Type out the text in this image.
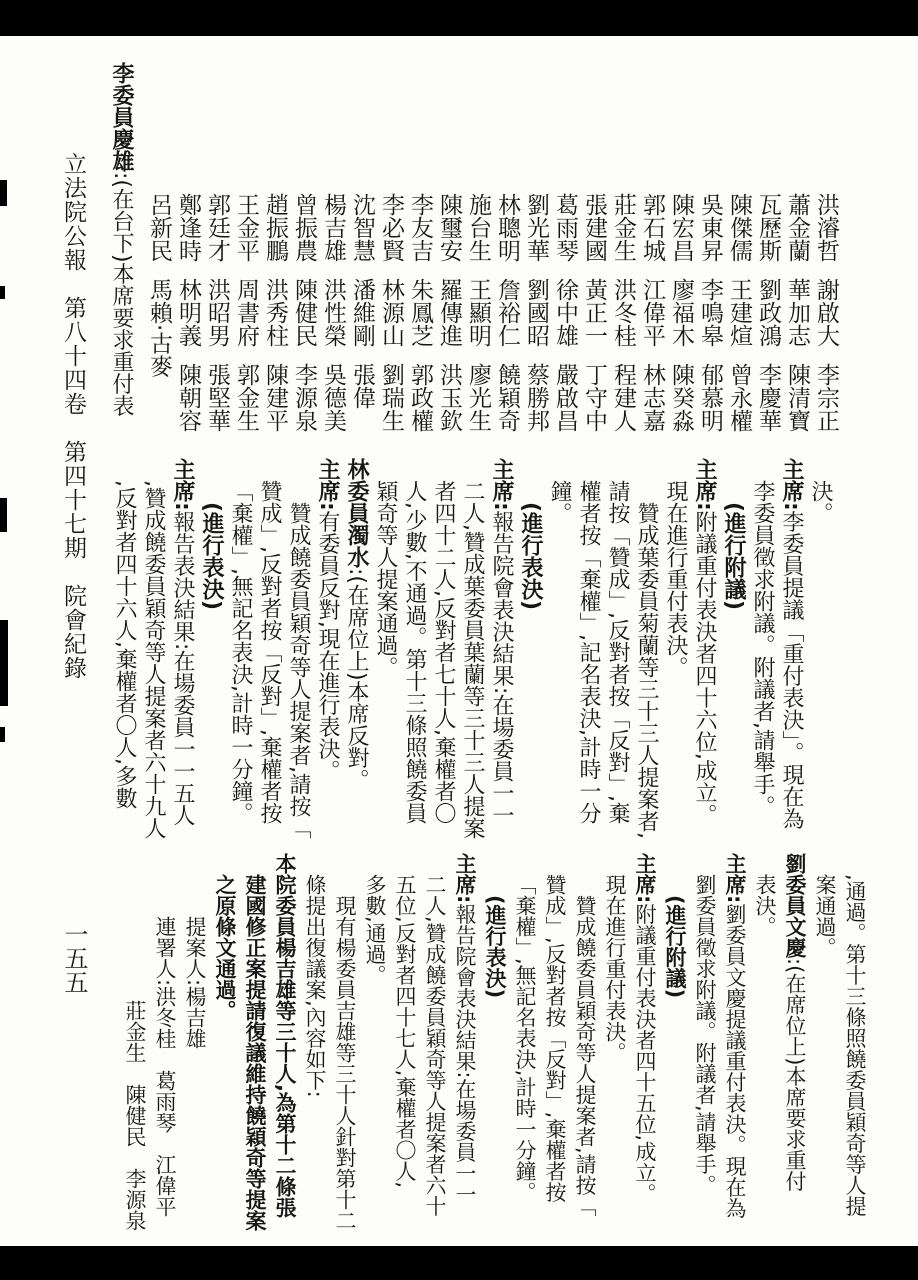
立法院公報　第八十四卷　第四十七期　院會紀錄
一五五
洪濬哲謝啟大李宗正
蕭金蘭華加志陳清寶
瓦歷斯劉政鴻李慶華
陳傑儒王建煊曾永權
吳東昇李鳴皋郁慕明
陳宏昌廖福木陳癸淼
郭石城江偉平林志嘉
莊金生洪冬桂程建人
張建國黃正一丁守中
葛雨琴徐中雄嚴啟昌
劉光華劉國昭蔡勝邦
林聰明詹裕仁饒穎奇
施台生王顯明廖光生
陳璽安羅傳進洪玉欽
李友吉朱鳳芝郭政權
李必賢林源山劉瑞生
沈智慧潘維剛張偉
楊吉雄洪性榮吳德美
曾振農陳健民李源泉
趙振鵬洪秀柱陳建平
王金平周書府郭金生
郭廷才洪昭男張堅華
鄭逢時林明義陳朝容
呂新民馬賴·古麥
李委員慶雄:(在台下)本席要求重付表
決。
主席:李委員提議「重付表決」。現在為
李委員徵求附議。附議者,請舉手。
(進行附議)
主席:附議重付表決者四十六位,成立。
現在進行重付表決。
贊成葉委員菊蘭等三十三人提案者,
請按「贊成」,反對者按「反對」,棄
權者按「棄權」,記名表決,計時一分
鐘。
(進行表決)
主席:報告院會表決結果:在場委員一一
二人,贊成葉委員葉蘭等三十三人提案
者四十二人,反對者七十人,棄權者〇
人,少數,不通過。第十三條照饒委員
穎奇等人提案通過。
林委員濁水:(在席位上)本席反對。
主席:有委員反對,現在進行表決。
贊成饒委員穎奇等人提案者,請按「
贊成」,反對者按「反對」,棄權者按
「棄權」,無記名表決,計時一分鐘。
(進行表決)
主席:報告表決結果:在場委員一一五人
,贊成饒委員穎奇等人提案者六十九人
,反對者四十六人,棄權者〇人,多數
,通過。第十三條照饒委員穎奇等人提
案通過。
劉委員文慶:(在席位上)本席要求重付
表決。
主席:劉委員文慶提議重付表決。現在為
劉委員徵求附議。附議者,請舉手。
(進行附議)
主席:附議重付表決者四十五位,成立。
現在進行重付表決。
贊成饒委員穎奇等人提案者,請按「
贊成」,反對者按「反對」,棄權者按
「棄權」,無記名表決,計時一分鐘。
(進行表決)
主席:報告院會表決結果:在場委員一一
二人,贊成饒委員穎奇等人提案者六十
五位,反對者四十七人,棄權者〇人,
多數,通過。
現有楊委員吉雄等三十人針對第十二
條提出復議案,內容如下:
本院委員楊吉雄等三十人,為第十二條張
建國修正案提請復議維持饒穎奇等提案
之原條文通過。
提案人:楊吉雄
連署人:洪冬桂　葛雨琴　江偉平
莊金生　陳健民　李源泉
